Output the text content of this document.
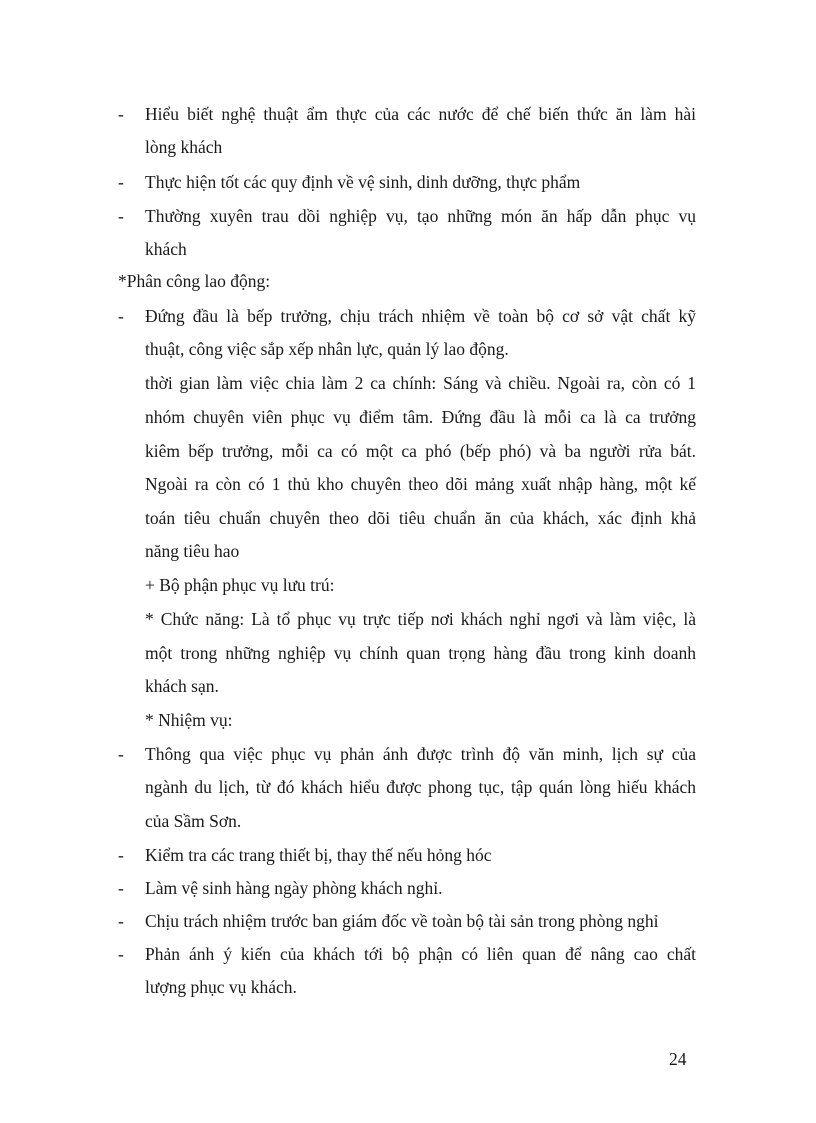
- Hiểu biết nghệ thuật ẩm thực của các nước để chế biến thức ăn làm hài
lòng khách
- Thực hiện tốt các quy định về vệ sinh, dinh dưỡng, thực phẩm
- Thường xuyên trau dồi nghiệp vụ, tạo những món ăn hấp dẫn phục vụ
khách
*Phân công lao động:
- Đứng đầu là bếp trưởng, chịu trách nhiệm về toàn bộ cơ sở vật chất kỹ
thuật, công việc sắp xếp nhân lực, quản lý lao động.
thời gian làm việc chia làm 2 ca chính: Sáng và chiều. Ngoài ra, còn có 1
nhóm chuyên viên phục vụ điểm tâm. Đứng đầu là mỗi ca là ca trưởng
kiêm bếp trưởng, mỗi ca có một ca phó (bếp phó) và ba người rửa bát.
Ngoài ra còn có 1 thủ kho chuyên theo dõi mảng xuất nhập hàng, một kế
toán tiêu chuẩn chuyên theo dõi tiêu chuẩn ăn của khách, xác định khả
năng tiêu hao
+ Bộ phận phục vụ lưu trú:
* Chức năng: Là tổ phục vụ trực tiếp nơi khách nghỉ ngơi và làm việc, là
một trong những nghiệp vụ chính quan trọng hàng đầu trong kinh doanh
khách sạn.
* Nhiệm vụ:
- Thông qua việc phục vụ phản ánh được trình độ văn minh, lịch sự của
ngành du lịch, từ đó khách hiểu được phong tục, tập quán lòng hiếu khách
của Sầm Sơn.
- Kiểm tra các trang thiết bị, thay thế nếu hỏng hóc
- Làm vệ sinh hàng ngày phòng khách nghỉ.
- Chịu trách nhiệm trước ban giám đốc về toàn bộ tài sản trong phòng nghỉ
- Phản ánh ý kiến của khách tới bộ phận có liên quan để nâng cao chất
lượng phục vụ khách.
24
